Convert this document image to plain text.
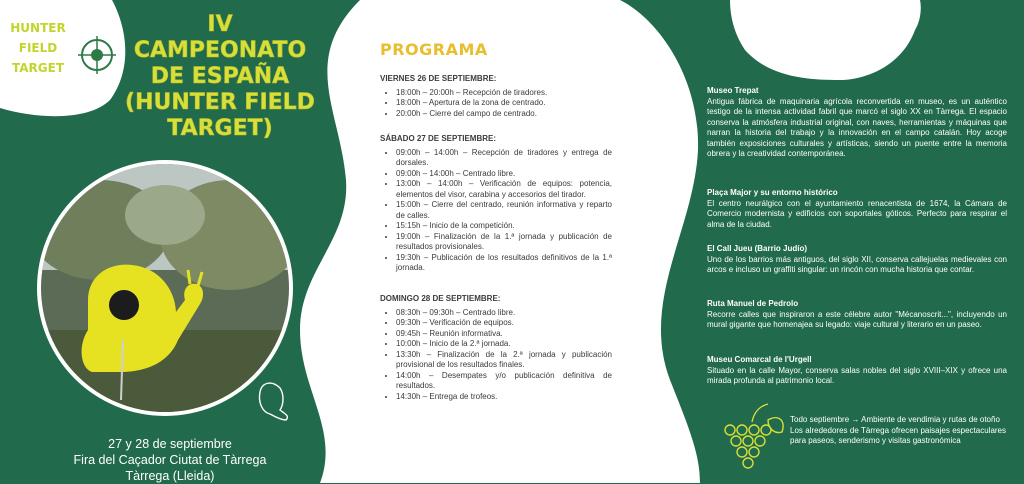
HUNTER
FIELD
TARGET
IV
CAMPEONATO
DE ESPAÑA
(HUNTER FIELD
TARGET)
27 y 28 de septiembre
Fira del Caçador Ciutat de Tàrrega
Tàrrega (Lleida)
PROGRAMA
VIERNES 26 DE SEPTIEMBRE:
• 18:00h – 20:00h – Recepción de tiradores.
• 18:00h – Apertura de la zona de centrado.
• 20:00h – Cierre del campo de centrado.
SÁBADO 27 DE SEPTIEMBRE:
• 09:00h – 14:00h – Recepción de tiradores y entrega de dorsales.
• 09:00h – 14:00h – Centrado libre.
• 13:00h – 14:00h – Verificación de equipos: potencia, elementos del visor, carabina y accesorios del tirador.
• 15:00h – Cierre del centrado, reunión informativa y reparto de calles.
• 15:15h – Inicio de la competición.
• 19:00h – Finalización de la 1.ª jornada y publicación de resultados provisionales.
• 19:30h – Publicación de los resultados definitivos de la 1.ª jornada.
DOMINGO 28 DE SEPTIEMBRE:
• 08:30h – 09:30h – Centrado libre.
• 09:30h – Verificación de equipos.
• 09:45h – Reunión informativa.
• 10:00h – Inicio de la 2.ª jornada.
• 13:30h – Finalización de la 2.ª jornada y publicación provisional de los resultados finales.
• 14:00h – Desempates y/o publicación definitiva de resultados.
• 14:30h – Entrega de trofeos.
¿QUÉ VER?
Museo Trepat
Antigua fábrica de maquinaria agrícola reconvertida en museo, es un auténtico testigo de la intensa actividad fabril que marcó el siglo XX en Tàrrega. El espacio conserva la atmósfera industrial original, con naves, herramientas y máquinas que narran la historia del trabajo y la innovación en el campo catalán. Hoy acoge también exposiciones culturales y artísticas, siendo un puente entre la memoria obrera y la creatividad contemporánea.
Plaça Major y su entorno histórico
El centro neurálgico con el ayuntamiento renacentista de 1674, la Cámara de Comercio modernista y edificios con soportales góticos. Perfecto para respirar el alma de la ciudad.
El Call Jueu (Barrio Judío)
Uno de los barrios más antiguos, del siglo XII, conserva callejuelas medievales con arcos e incluso un graffiti singular: un rincón con mucha historia que contar.
Ruta Manuel de Pedrolo
Recorre calles que inspiraron a este célebre autor "Mécanoscrit...", incluyendo un mural gigante que homenajea su legado: viaje cultural y literario en un paseo.
Museu Comarcal de l'Urgell
Situado en la calle Mayor, conserva salas nobles del siglo XVIII–XIX y ofrece una mirada profunda al patrimonio local.
Todo septiembre → Ambiente de vendimia y rutas de otoño
Los alrededores de Tàrrega ofrecen paisajes espectaculares para paseos, senderismo y visitas gastronómica
